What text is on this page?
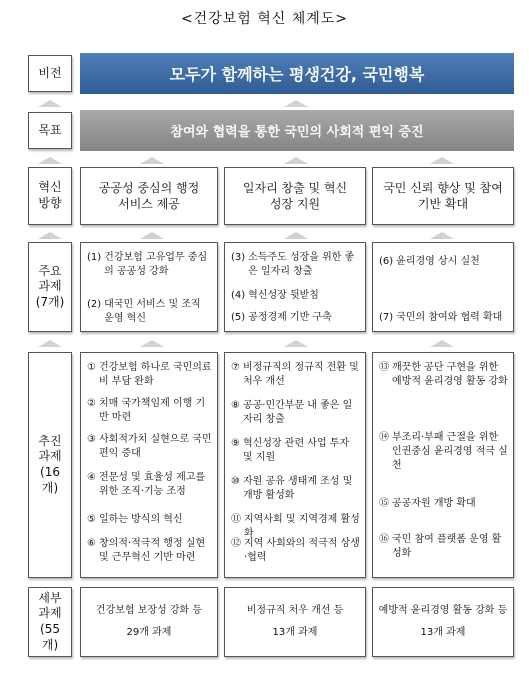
<건강보험 혁신 체계도>
비전
목표
혁신 방향
주요 과제 (7개)
추진 과제 (16개)
세부 과제 (55개)
모두가 함께하는 평생건강, 국민행복
참여와 협력을 통한 국민의 사회적 편익 증진
공공성 중심의 행정 서비스 제공
일자리 창출 및 혁신 성장 지원
국민 신뢰 향상 및 참여 기반 확대
(1) 건강보험 고유업무 중심의 공공성 강화
(2) 대국민 서비스 및 조직 운영 혁신
(3) 소득주도 성장을 위한 좋은 일자리 창출
(4) 혁신성장 뒷받침
(5) 공정경제 기반 구축
(6) 윤리경영 상시 실천
(7) 국민의 참여와 협력 확대
① 건강보험 하나로 국민의료비 부담 완화
② 치매 국가책임제 이행 기반 마련
③ 사회적가치 실현으로 국민 편익 증대
④ 전문성 및 효율성 제고를 위한 조직·기능 조정
⑤ 일하는 방식의 혁신
⑥ 창의적·적극적 행정 실현 및 근무혁신 기반 마련
⑦ 비정규직의 정규직 전환 및 처우 개선
⑧ 공공·민간부문 내 좋은 일자리 창출
⑨ 혁신성장 관련 사업 투자 및 지원
⑩ 자원 공유 생태계 조성 및 개방 활성화
⑪ 지역사회 및 지역경제 활성화
⑫ 지역 사회와의 적극적 상생·협력
⑬ 깨끗한 공단 구현을 위한 예방적 윤리경영 활동 강화
⑭ 부조리·부패 근절을 위한 인권중심 윤리경영 적극 실천
⑮ 공공자원 개방 확대
⑯ 국민 참여 플랫폼 운영 활성화
건강보험 보장성 강화 등
29개 과제
비정규직 처우 개선 등
13개 과제
예방적 윤리경영 활동 강화 등
13개 과제
